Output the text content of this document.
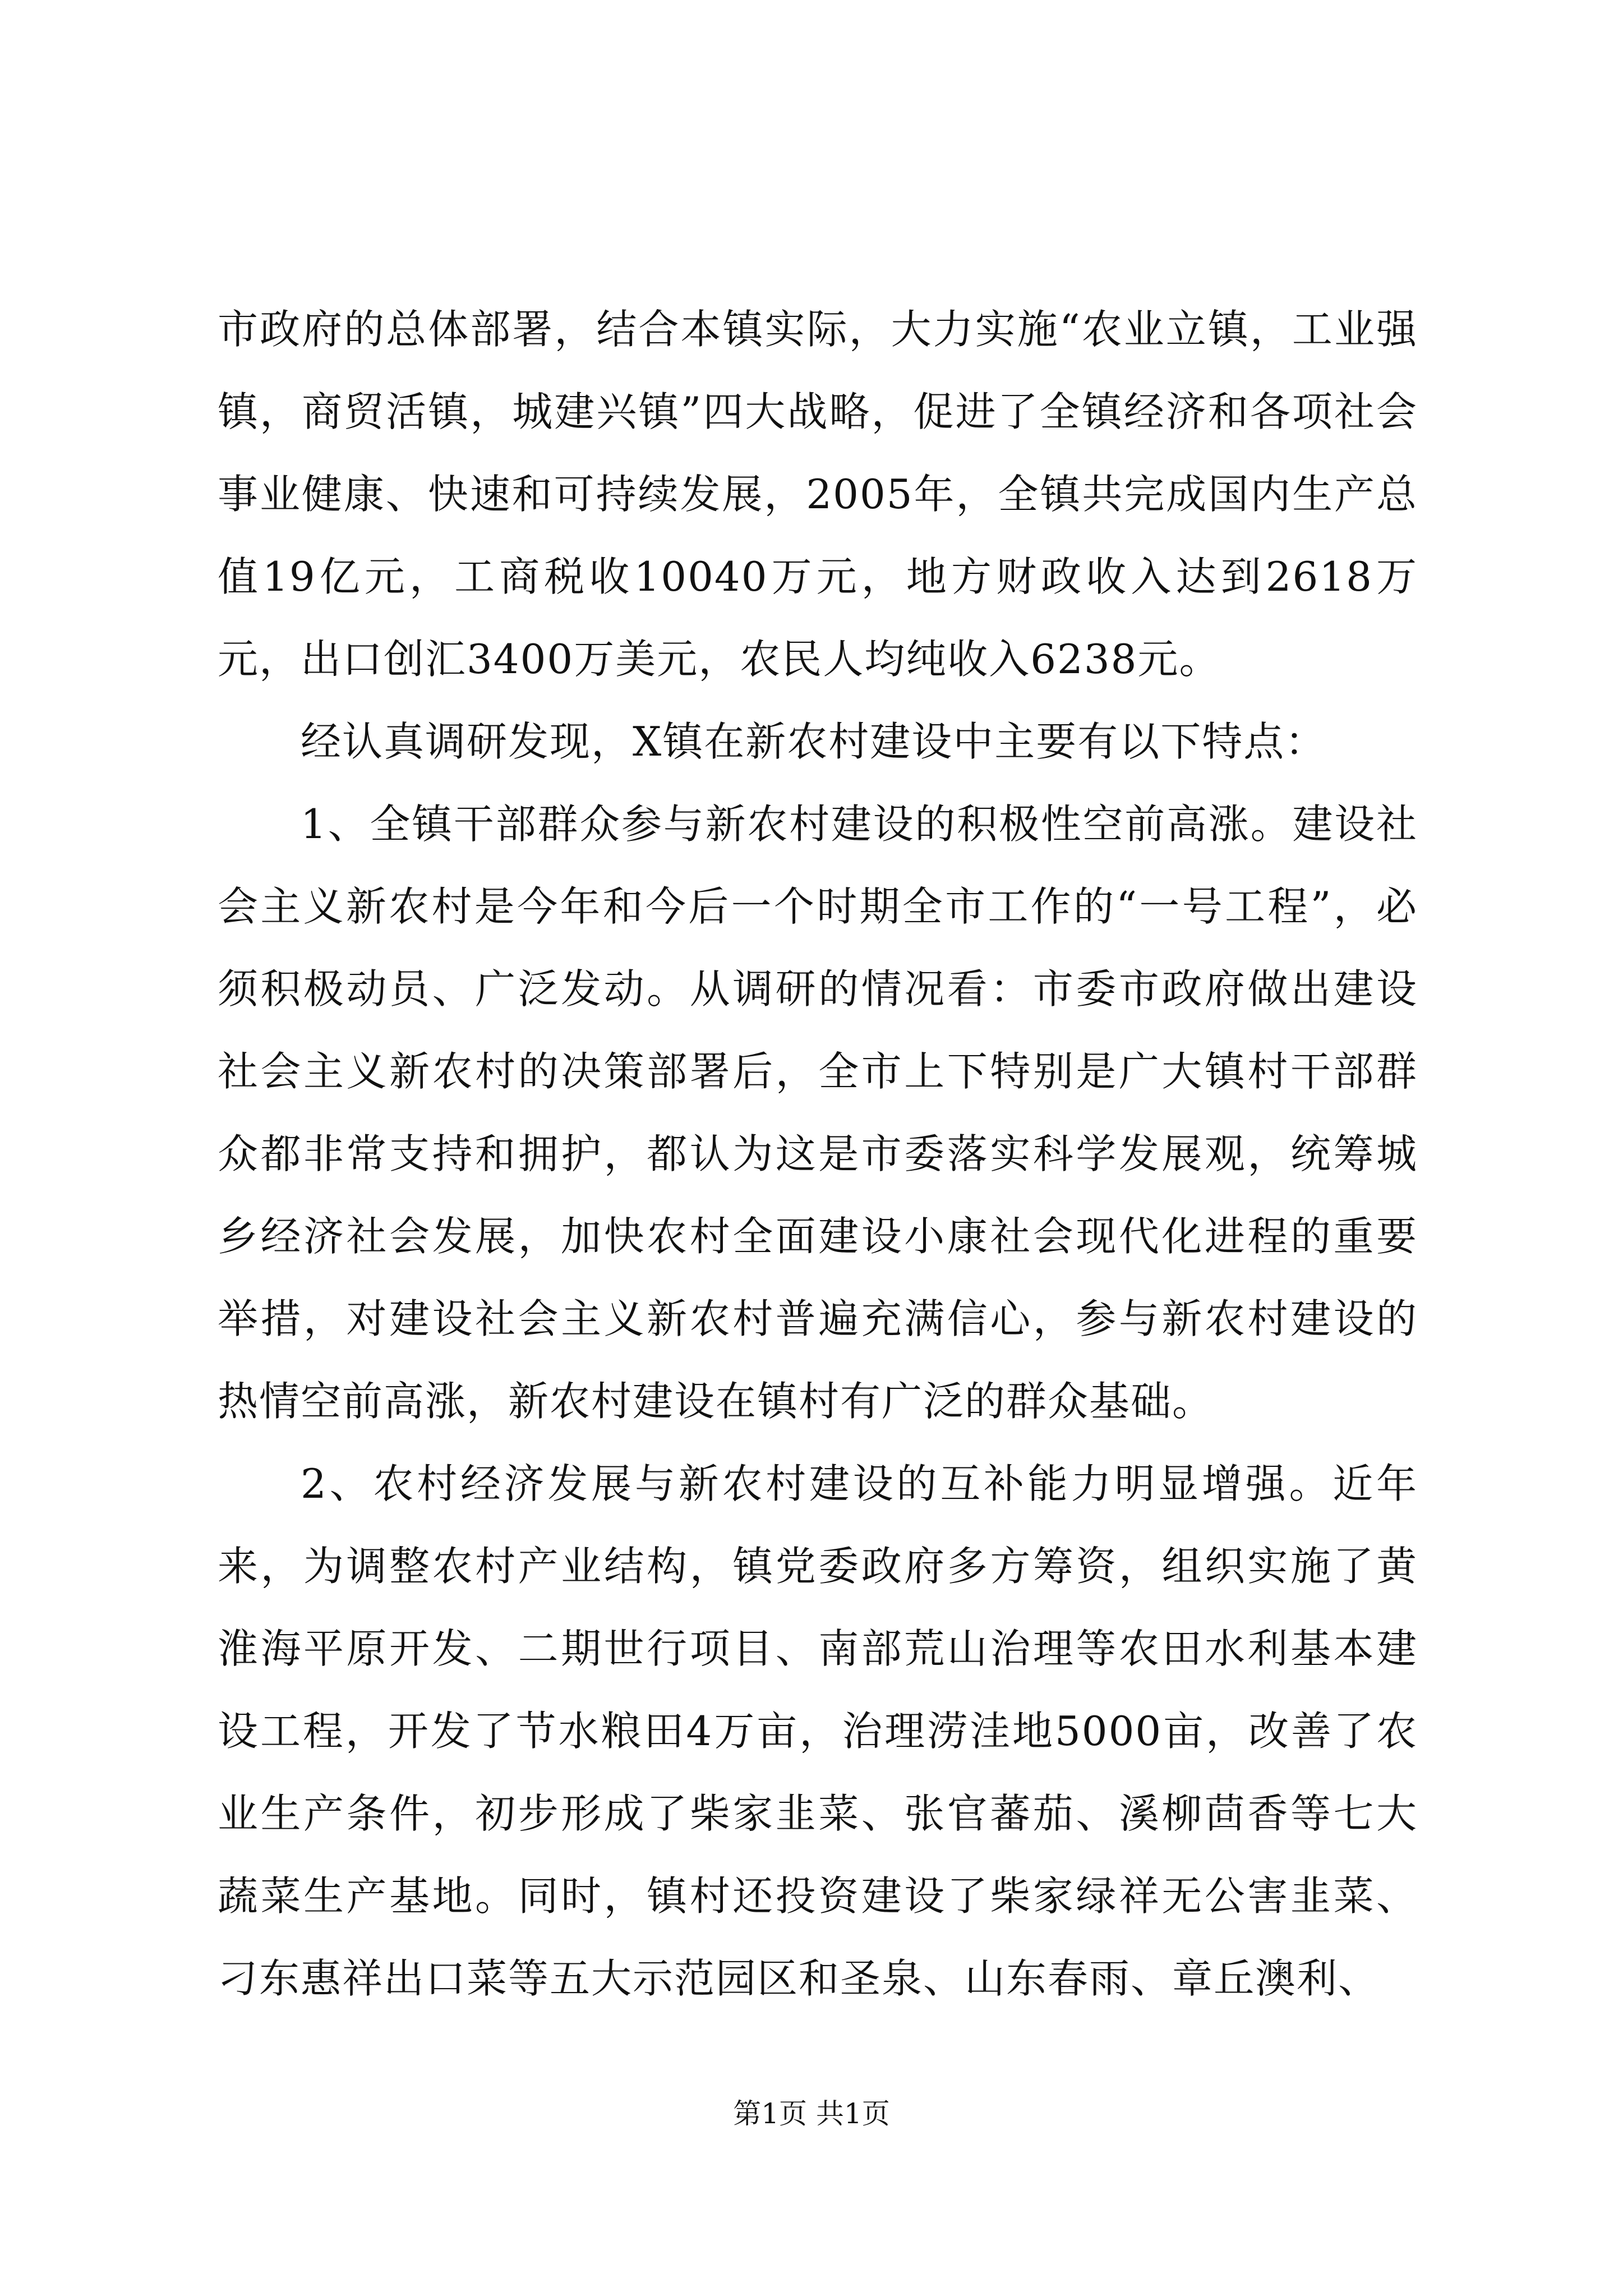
市政府的总体部署，结合本镇实际，大力实施“农业立镇，工业强镇，商贸活镇，城建兴镇”四大战略，促进了全镇经济和各项社会事业健康、快速和可持续发展，2005年，全镇共完成国内生产总值19亿元，工商税收10040万元，地方财政收入达到2618万元，出口创汇3400万美元，农民人均纯收入6238元。

经认真调研发现，X镇在新农村建设中主要有以下特点：

1、全镇干部群众参与新农村建设的积极性空前高涨。建设社会主义新农村是今年和今后一个时期全市工作的“一号工程”，必须积极动员、广泛发动。从调研的情况看：市委市政府做出建设社会主义新农村的决策部署后，全市上下特别是广大镇村干部群众都非常支持和拥护，都认为这是市委落实科学发展观，统筹城乡经济社会发展，加快农村全面建设小康社会现代化进程的重要举措，对建设社会主义新农村普遍充满信心，参与新农村建设的热情空前高涨，新农村建设在镇村有广泛的群众基础。

2、农村经济发展与新农村建设的互补能力明显增强。近年来，为调整农村产业结构，镇党委政府多方筹资，组织实施了黄淮海平原开发、二期世行项目、南部荒山治理等农田水利基本建设工程，开发了节水粮田4万亩，治理涝洼地5000亩，改善了农业生产条件，初步形成了柴家韭菜、张官蕃茄、溪柳茴香等七大蔬菜生产基地。同时，镇村还投资建设了柴家绿祥无公害韭菜、刁东惠祥出口菜等五大示范园区和圣泉、山东春雨、章丘澳利、

第1页 共1页
